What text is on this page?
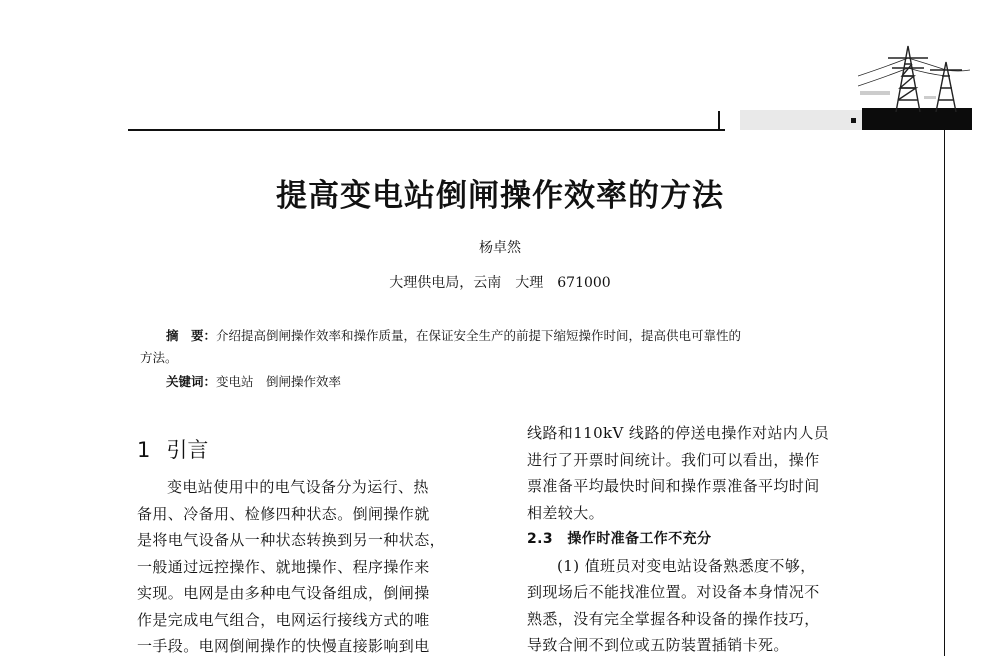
提高变电站倒闸操作效率的方法
杨卓然
大理供电局，云南　大理　671000
摘　要：介绍提高倒闸操作效率和操作质量，在保证安全生产的前提下缩短操作时间，提高供电可靠性的
方法。
关键词：变电站　倒闸操作效率
1 引言
变电站使用中的电气设备分为运行、热
备用、冷备用、检修四种状态。倒闸操作就
是将电气设备从一种状态转换到另一种状态，
一般通过远控操作、就地操作、程序操作来
实现。电网是由多种电气设备组成，倒闸操
作是完成电气组合，电网运行接线方式的唯
一手段。电网倒闸操作的快慢直接影响到电
线路和110kV 线路的停送电操作对站内人员
进行了开票时间统计。我们可以看出，操作
票准备平均最快时间和操作票准备平均时间
相差较大。
2.3　操作时准备工作不充分
(1) 值班员对变电站设备熟悉度不够，
到现场后不能找准位置。对设备本身情况不
熟悉，没有完全掌握各种设备的操作技巧，
导致合闸不到位或五防装置插销卡死。
